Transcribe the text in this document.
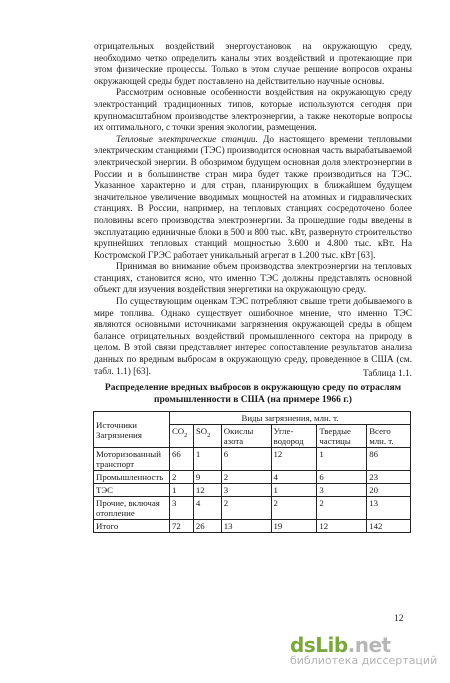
отрицательных воздействий энергоустановок на окружающую среду, необходимо четко определить каналы этих воздействий и протекающие при этом физические процессы. Только в этом случае решение вопросов охраны окружающей среды будет поставлено на действительно научные основы.

Рассмотрим основные особенности воздействия на окружающую среду электростанций традиционных типов, которые используются сегодня при крупномасштабном производстве электроэнергии, а также некоторые вопросы их оптимального, с точки зрения экологии, размещения.

Тепловые электрические станции. До настоящего времени тепловыми электрическим станциями (ТЭС) производится основная часть вырабатываемой электрической энергии. В обозримом будущем основная доля электроэнергии в России и в большинстве стран мира будет также производиться на ТЭС. Указанное характерно и для стран, планирующих в ближайшем будущем значительное увеличение вводимых мощностей на атомных и гидравлических станциях. В России, например, на тепловых станциях сосредоточено более половины всего производства электроэнергии. За прошедшие годы введены в эксплуатацию единичные блоки в 500 и 800 тыс. кВт, развернуто строительство крупнейших тепловых станций мощностью 3.600 и 4.800 тыс. кВт. На Костромской ГРЭС работает уникальный агрегат в 1.200 тыс. кВт [63].

Принимая во внимание объем производства электроэнергии на тепловых станциях, становится ясно, что именно ТЭС должны представлять основной объект для изучения воздействия энергетики на окружающую среду.

По существующим оценкам ТЭС потребляют свыше трети добываемого в мире топлива. Однако существует ошибочное мнение, что именно ТЭС являются основными источниками загрязнения окружающей среды в общем балансе отрицательных воздействий промышленного сектора на природу в целом. В этой связи представляет интерес сопоставление результатов анализа данных по вредным выбросам в окружающую среду, проведенное в США (см. табл. 1.1) [63].	Таблица 1.1.
Распределение вредных выбросов в окружающую среду по отраслям
промышленности в США (на примере 1966 г.)
Источники Загрязнения	Виды загрязнения, млн. т.					
	$CO_2$	$SO_2$	Окислы азота	Угле-водород	Твердые частицы	Всего млн. т.
Моторизованный транспорт	66	1	6	12	1	86
Промышленность	2	9	2	4	6	23
ТЭС	1	12	3	1	3	20
Прочие, включая отопление	3	4	2	2	2	13
Итого	72	26	13	19	12	142
12
dsLib.net
библиотека диссертаций
